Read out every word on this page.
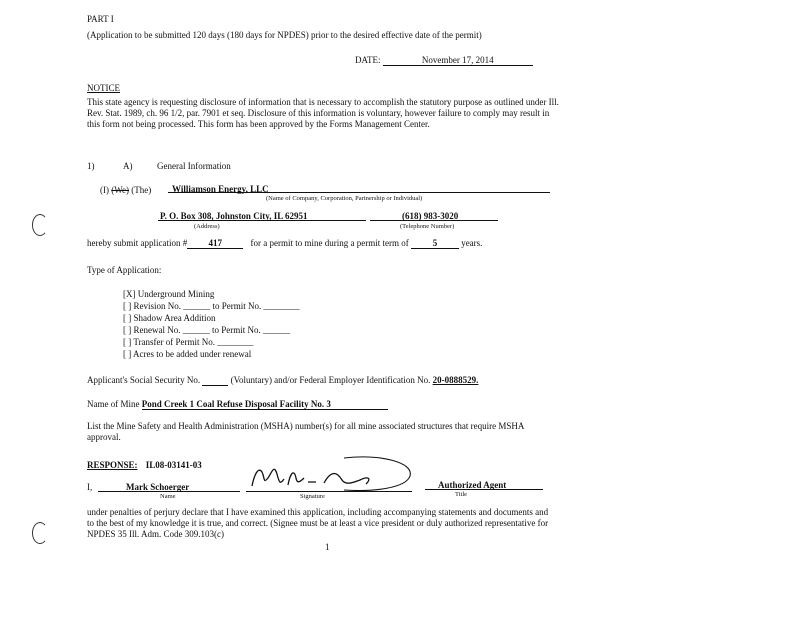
PART I
(Application to be submitted 120 days (180 days for NPDES) prior to the desired effective date of the permit)
DATE:	November 17, 2014
NOTICE
This state agency is requesting disclosure of information that is necessary to accomplish the statutory purpose as outlined under Ill. Rev. Stat. 1989, ch. 96 1/2, par. 7901 et seq. Disclosure of this information is voluntary, however failure to comply may result in this form not being processed. This form has been approved by the Forms Management Center.
1)	A)	General Information
(I) (We) (The) Williamson Energy, LLC
(Name of Company, Corporation, Partnership or Individual)
P. O. Box 308, Johnston City, IL 62951
(Address)
(618) 983-3020
(Telephone Number)
hereby submit application # 417	for a permit to mine during a permit term of	5	years.
Type of Application:
[X] Underground Mining
[ ] Revision No. ______ to Permit No. ________
[ ] Shadow Area Addition
[ ] Renewal No. ______ to Permit No. ______
[ ] Transfer of Permit No. ________
[ ] Acres to be added under renewal
Applicant's Social Security No.	(Voluntary) and/or Federal Employer Identification No. 20-0888529.
Name of Mine Pond Creek 1 Coal Refuse Disposal Facility No. 3
List the Mine Safety and Health Administration (MSHA) number(s) for all mine associated structures that require MSHA approval.
RESPONSE: IL08-03141-03
I,	Mark Schoerger
Name	Signature
Authorized Agent
Title
under penalties of perjury declare that I have examined this application, including accompanying statements and documents and to the best of my knowledge it is true, and correct. (Signee must be at least a vice president or duly authorized representative for NPDES 35 Ill. Adm. Code 309.103(c)
1
